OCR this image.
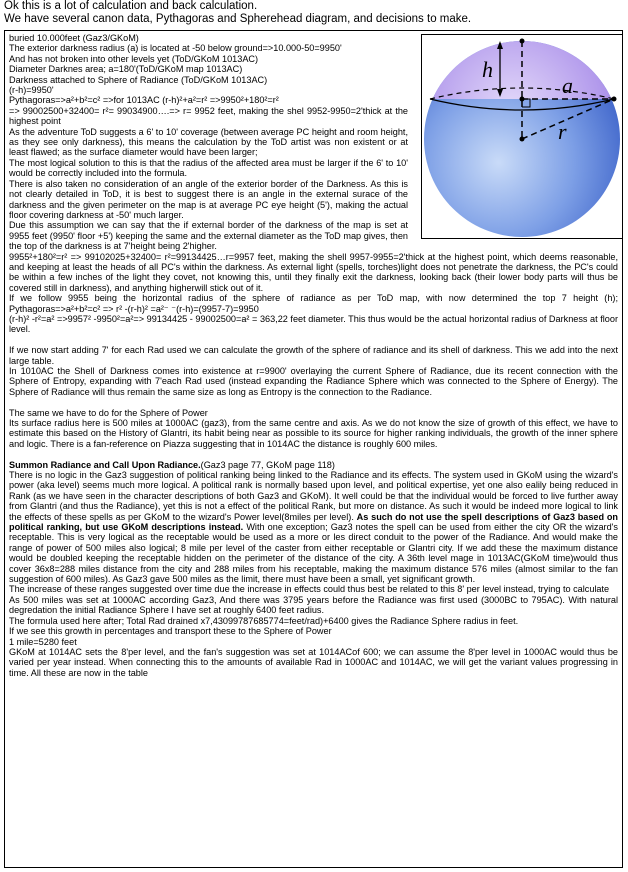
Ok this is a lot of calculation and back calculation.
We have several canon data, Pythagoras and Spherehead diagram, and decisions to make.
h
a
r

buried 10.000feet (Gaz3/GKoM)

The exterior darkness radius (a) is located at -50 below ground=>10.000-50=9950'

And has not broken into other levels yet (ToD/GKoM 1013AC)

Diameter Darknes area; a=180'(ToD/GKoM map 1013AC)

Darkness attached to Sphere of Radiance (ToD/GKoM 1013AC)

(r-h)=9950'

Pythagoras=>a²+b²=c² =>for 1013AC (r-h)²+a²=r² =>9950²+180²=r²

=> 99002500+32400= r²= 99034900….=> r= 9952 feet, making the shel 9952-9950=2'thick at the highest point

As the adventure ToD suggests a 6' to 10' coverage (between average PC height and room height, as they see only darkness), this means the calculation by the ToD artist was non existent or at least flawed; as the surface diameter would have been larger;

The most logical solution to this is that the radius of the affected area must be larger if the 6' to 10' would be correctly included into the formula.

There is also taken no consideration of an angle of the exterior border of the Darkness. As this is not clearly detailed in ToD, it is best to suggest there is an angle in the external surace of the darkness and the given perimeter on the map is at average PC eye height (5'), making the actual floor covering darkness at -50' much larger.

Due this assumption we can say that the if external border of the darkness of the map is set at 9955 feet (9950' floor +5') keeping the same and the external diameter as the ToD map gives, then the top of the darkness is at 7'height being 2'higher.

9955²+180²=r² => 99102025+32400= r²=99134425…r=9957 feet, making the shell 9957-9955=2'thick at the highest point, which deems reasonable, and keeping at least the heads of all PC's within the darkness. As external light (spells, torches)light does not penetrate the darkness, the PC's could be within a few inches of the light they covet, not knowing this, until they finally exit the darkness, looking back (their lower body parts will thus be covered still in darkness), and anything higherwill stick out of it.

If we follow 9955 being the horizontal radius of the sphere of radiance as per ToD map, with now determined the top 7 height (h); Pythagoras=>a²+b²=c² => r² -(r-h)² =a²⁻ ⁻(r-h)=(9957-7)=9950

(r-h)² -r²=a² =>9957² -9950²=a²=> 99134425 - 99002500=a² = 363,22 feet diameter. This thus would be the actual horizontal radius of Darkness at floor level.

If we now start adding 7' for each Rad used we can calculate the growth of the sphere of radiance and its shell of darkness. This we add into the next large table.

In 1010AC the Shell of Darkness comes into existence at r=9900' overlaying the current Sphere of Radiance, due its recent connection with the Sphere of Entropy, expanding with 7'each Rad used (instead expanding the Radiance Sphere which was connected to the Sphere of Energy). The Sphere of Radiance will thus remain the same size as long as Entropy is the connection to the Radiance.

The same we have to do for the Sphere of Power

Its surface radius here is 500 miles at 1000AC (gaz3), from the same centre and axis. As we do not know the size of growth of this effect, we have to estimate this based on the History of Glantri, its habit being near as possible to its source for higher ranking individuals, the growth of the inner sphere and logic. There is a fan-reference on Piazza suggesting that in 1014AC the distance is roughly 600 miles.

Summon Radiance and Call Upon Radiance.(Gaz3 page 77, GKoM page 118)

There is no logic in the Gaz3 suggestion of political ranking being linked to the Radiance and its effects. The system used in GKoM using the wizard's power (aka level) seems much more logical. A political rank is normally based upon level, and political expertise, yet one also ealily being reduced in Rank (as we have seen in the character descriptions of both Gaz3 and GKoM). It well could be that the individual would be forced to live further away from Glantri (and thus the Radiance), yet this is not a effect of the political Rank, but more on distance. As such it would be indeed more logical to link the effects of these spells as per GKoM to the wizard's Power level(8miles per level). As such do not use the spell descriptions of Gaz3 based on political ranking, but use GKoM descriptions instead. With one exception; Gaz3 notes the spell can be used from either the city OR the wizard's receptable. This is very logical as the receptable would be used as a more or les direct conduit to the power of the Radiance. And would make the range of power of 500 miles also logical; 8 mile per level of the caster from either receptable or Glantri city. If we add these the maximum distance would be doubled keeping the receptable hidden on the perimeter of the distance of the city. A 36th level mage in 1013AC(GKoM time)would thus cover 36x8=288 miles distance from the city and 288 miles from his receptable, making the maximum distance 576 miles (almost similar to the fan suggestion of 600 miles). As Gaz3 gave 500 miles as the limit, there must have been a small, yet significant growth.

The increase of these ranges suggested over time due the increase in effects could thus best be related to this 8' per level instead, trying to calculate

As 500 miles was set at 1000AC according Gaz3, And there was 3795 years before the Radiance was first used (3000BC to 795AC). With natural degredation the initial Radiance Sphere I have set at roughly 6400 feet radius.

The formula used here after; Total Rad drained x7,43099787685774=feet/rad)+6400 gives the Radiance Sphere radius in feet.

If we see this growth in percentages and transport these to the Sphere of Power

1 mile=5280 feet

GKoM at 1014AC sets the 8'per level, and the fan's suggestion was set at 1014ACof 600; we can assume the 8'per level in 1000AC would thus be varied per year instead. When connecting this to the amounts of available Rad in 1000AC and 1014AC, we will get the variant values progressing in time. All these are now in the table
